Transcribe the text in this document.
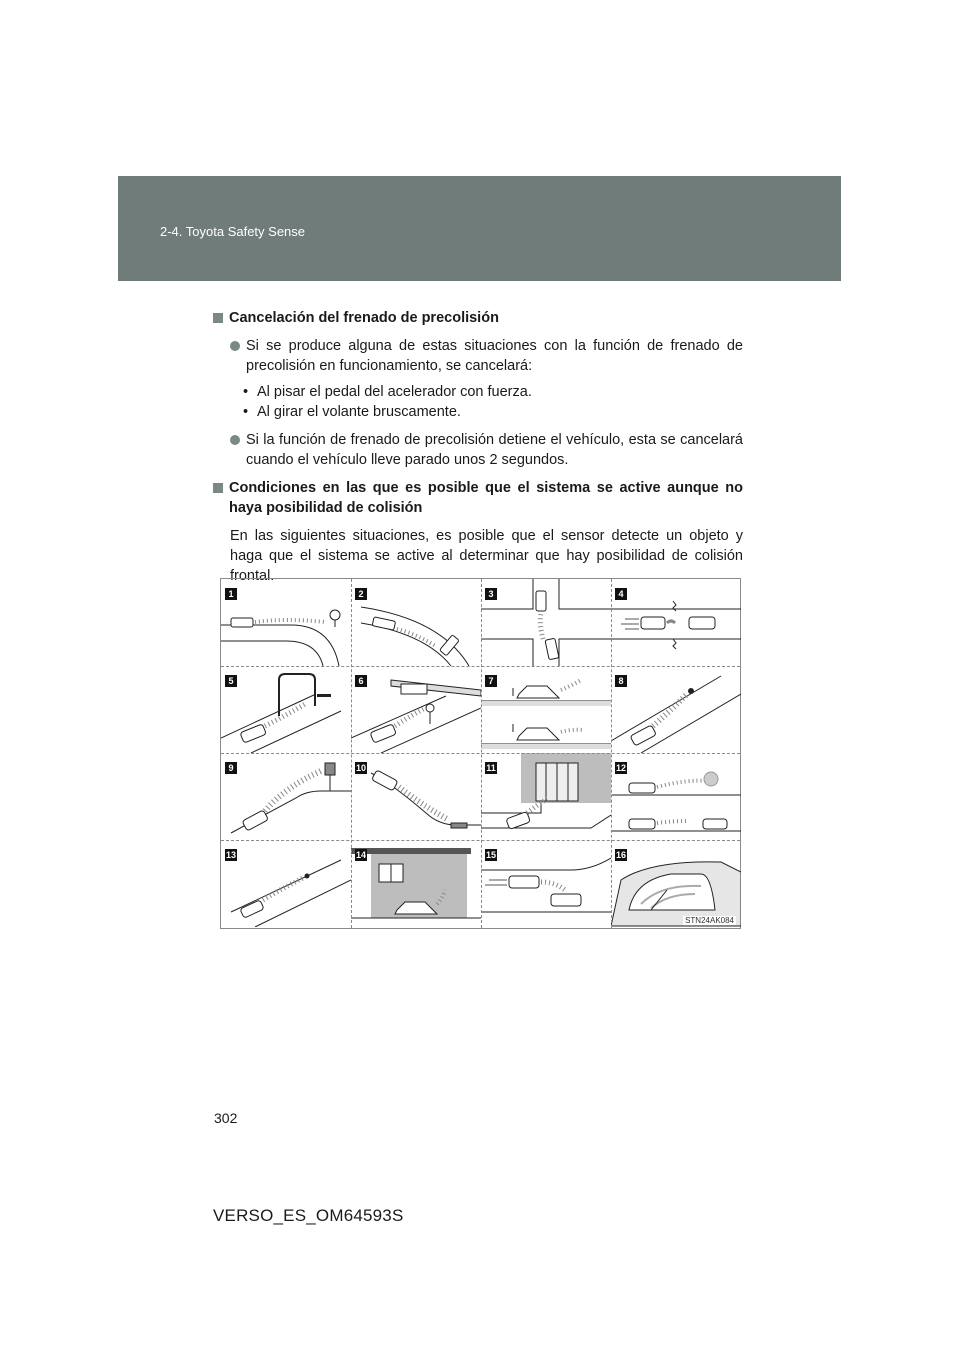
2-4. Toyota Safety Sense
Cancelación del frenado de precolisión
Si se produce alguna de estas situaciones con la función de frenado de precolisión en funcionamiento, se cancelará:
• Al pisar el pedal del acelerador con fuerza.
• Al girar el volante bruscamente.
Si la función de frenado de precolisión detiene el vehículo, esta se cancelará cuando el vehículo lleve parado unos 2 segundos.
Condiciones en las que es posible que el sistema se active aunque no haya posibilidad de colisión
En las siguientes situaciones, es posible que el sensor detecte un objeto y haga que el sistema se active al determinar que hay posibilidad de colisión frontal.
1	2	3	4
5	6	7	8
9	10	11	12
13	14	15	16
STN24AK084
302
VERSO_ES_OM64593S
